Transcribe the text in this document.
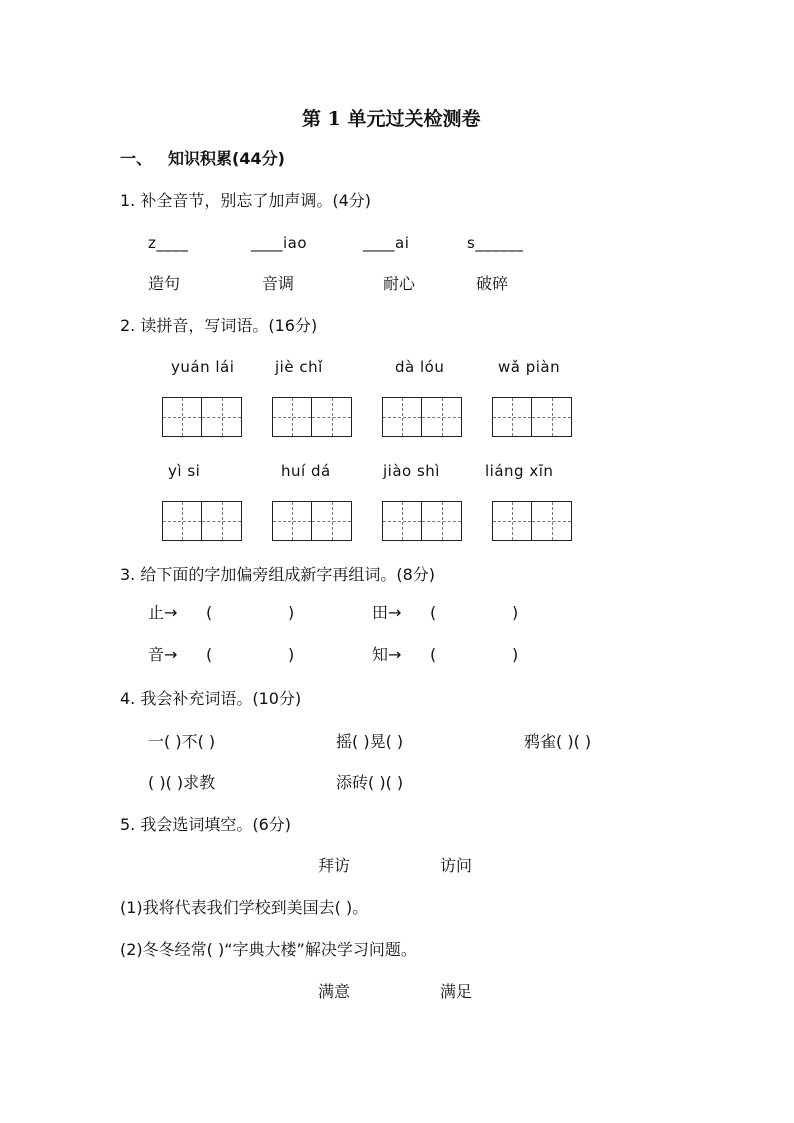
第 1 单元过关检测卷
一、 知识积累(44分)
1. 补全音节，别忘了加声调。(4分)
z____	____iao	____ai	s______
造句	音调	耐心	破碎
2. 读拼音，写词语。(16分)
yuán lái	jiè chǐ	dà lóu	wǎ piàn
yì si	huí dá	jiào shì	liáng xīn
3. 给下面的字加偏旁组成新字再组词。(8分)
止→ (	)	田→ (	)
音→ (	)	知→ (	)
4. 我会补充词语。(10分)
一( )不( )	摇( )晃( )	鸦雀( )( )
( )( )求教	添砖( )( )
5. 我会选词填空。(6分)
拜访	访问
(1)我将代表我们学校到美国去( )。
(2)冬冬经常( )“字典大楼”解决学习问题。
满意	满足
